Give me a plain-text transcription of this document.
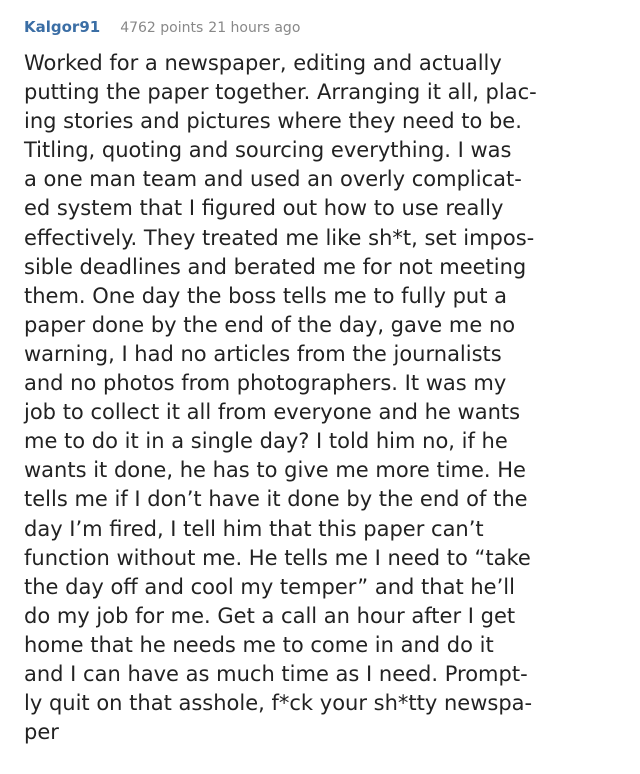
Kalgor91 4762 points 21 hours ago
Worked for a newspaper, editing and actually
putting the paper together. Arranging it all, plac-
ing stories and pictures where they need to be.
Titling, quoting and sourcing everything. I was
a one man team and used an overly complicat-
ed system that I figured out how to use really
effectively. They treated me like sh*t, set impos-
sible deadlines and berated me for not meeting
them. One day the boss tells me to fully put a
paper done by the end of the day, gave me no
warning, I had no articles from the journalists
and no photos from photographers. It was my
job to collect it all from everyone and he wants
me to do it in a single day? I told him no, if he
wants it done, he has to give me more time. He
tells me if I don’t have it done by the end of the
day I’m fired, I tell him that this paper can’t
function without me. He tells me I need to “take
the day off and cool my temper” and that he’ll
do my job for me. Get a call an hour after I get
home that he needs me to come in and do it
and I can have as much time as I need. Prompt-
ly quit on that asshole, f*ck your sh*tty newspa-
per
